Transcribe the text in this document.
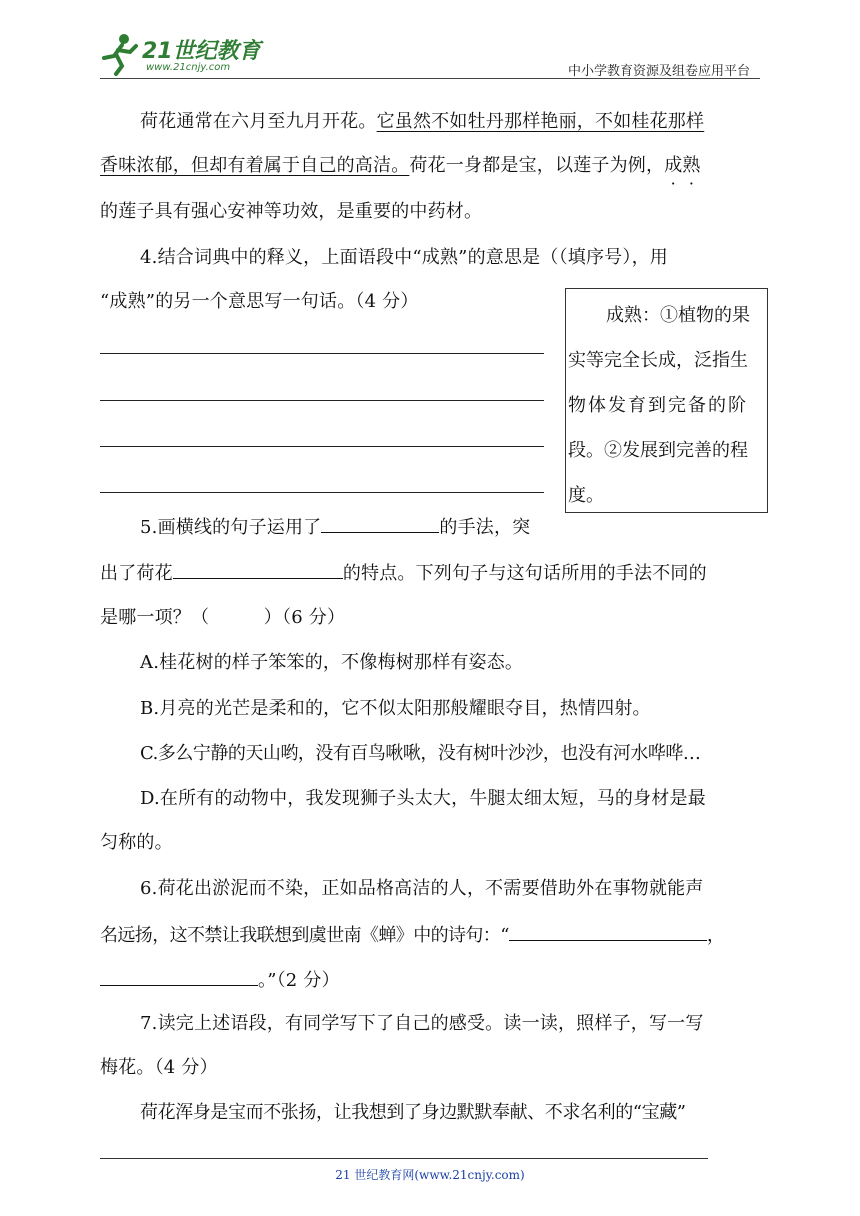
21世纪教育
www.21cnjy.com	中小学教育资源及组卷应用平台
荷花通常在六月至九月开花。它虽然不如牡丹那样艳丽，不如桂花那样
香味浓郁，但却有着属于自己的高洁。荷花一身都是宝，以莲子为例，成熟
的莲子具有强心安神等功效，是重要的中药材。
4.结合词典中的释义，上面语段中“成熟”的意思是（（填序号），用
“成熟”的另一个意思写一句话。（4 分）
成熟：①植物的果
实等完全长成，泛指生
物体发育到完备的阶
段。②发展到完善的程
度。
5.画横线的句子运用了	的手法，突
出了荷花	的特点。下列句子与这句话所用的手法不同的
是哪一项？（　　　）（6 分）
A.桂花树的样子笨笨的，不像梅树那样有姿态。
B.月亮的光芒是柔和的，它不似太阳那般耀眼夺目，热情四射。
C.多么宁静的天山哟，没有百鸟啾啾，没有树叶沙沙，也没有河水哗哗…
D.在所有的动物中，我发现狮子头太大，牛腿太细太短，马的身材是最
匀称的。
6.荷花出淤泥而不染，正如品格高洁的人，不需要借助外在事物就能声
名远扬，这不禁让我联想到虞世南《蝉》中的诗句：“	，
。”（2 分）
7.读完上述语段，有同学写下了自己的感受。读一读，照样子，写一写
梅花。（4 分）
荷花浑身是宝而不张扬，让我想到了身边默默奉献、不求名利的“宝藏”
21 世纪教育网(www.21cnjy.com)
